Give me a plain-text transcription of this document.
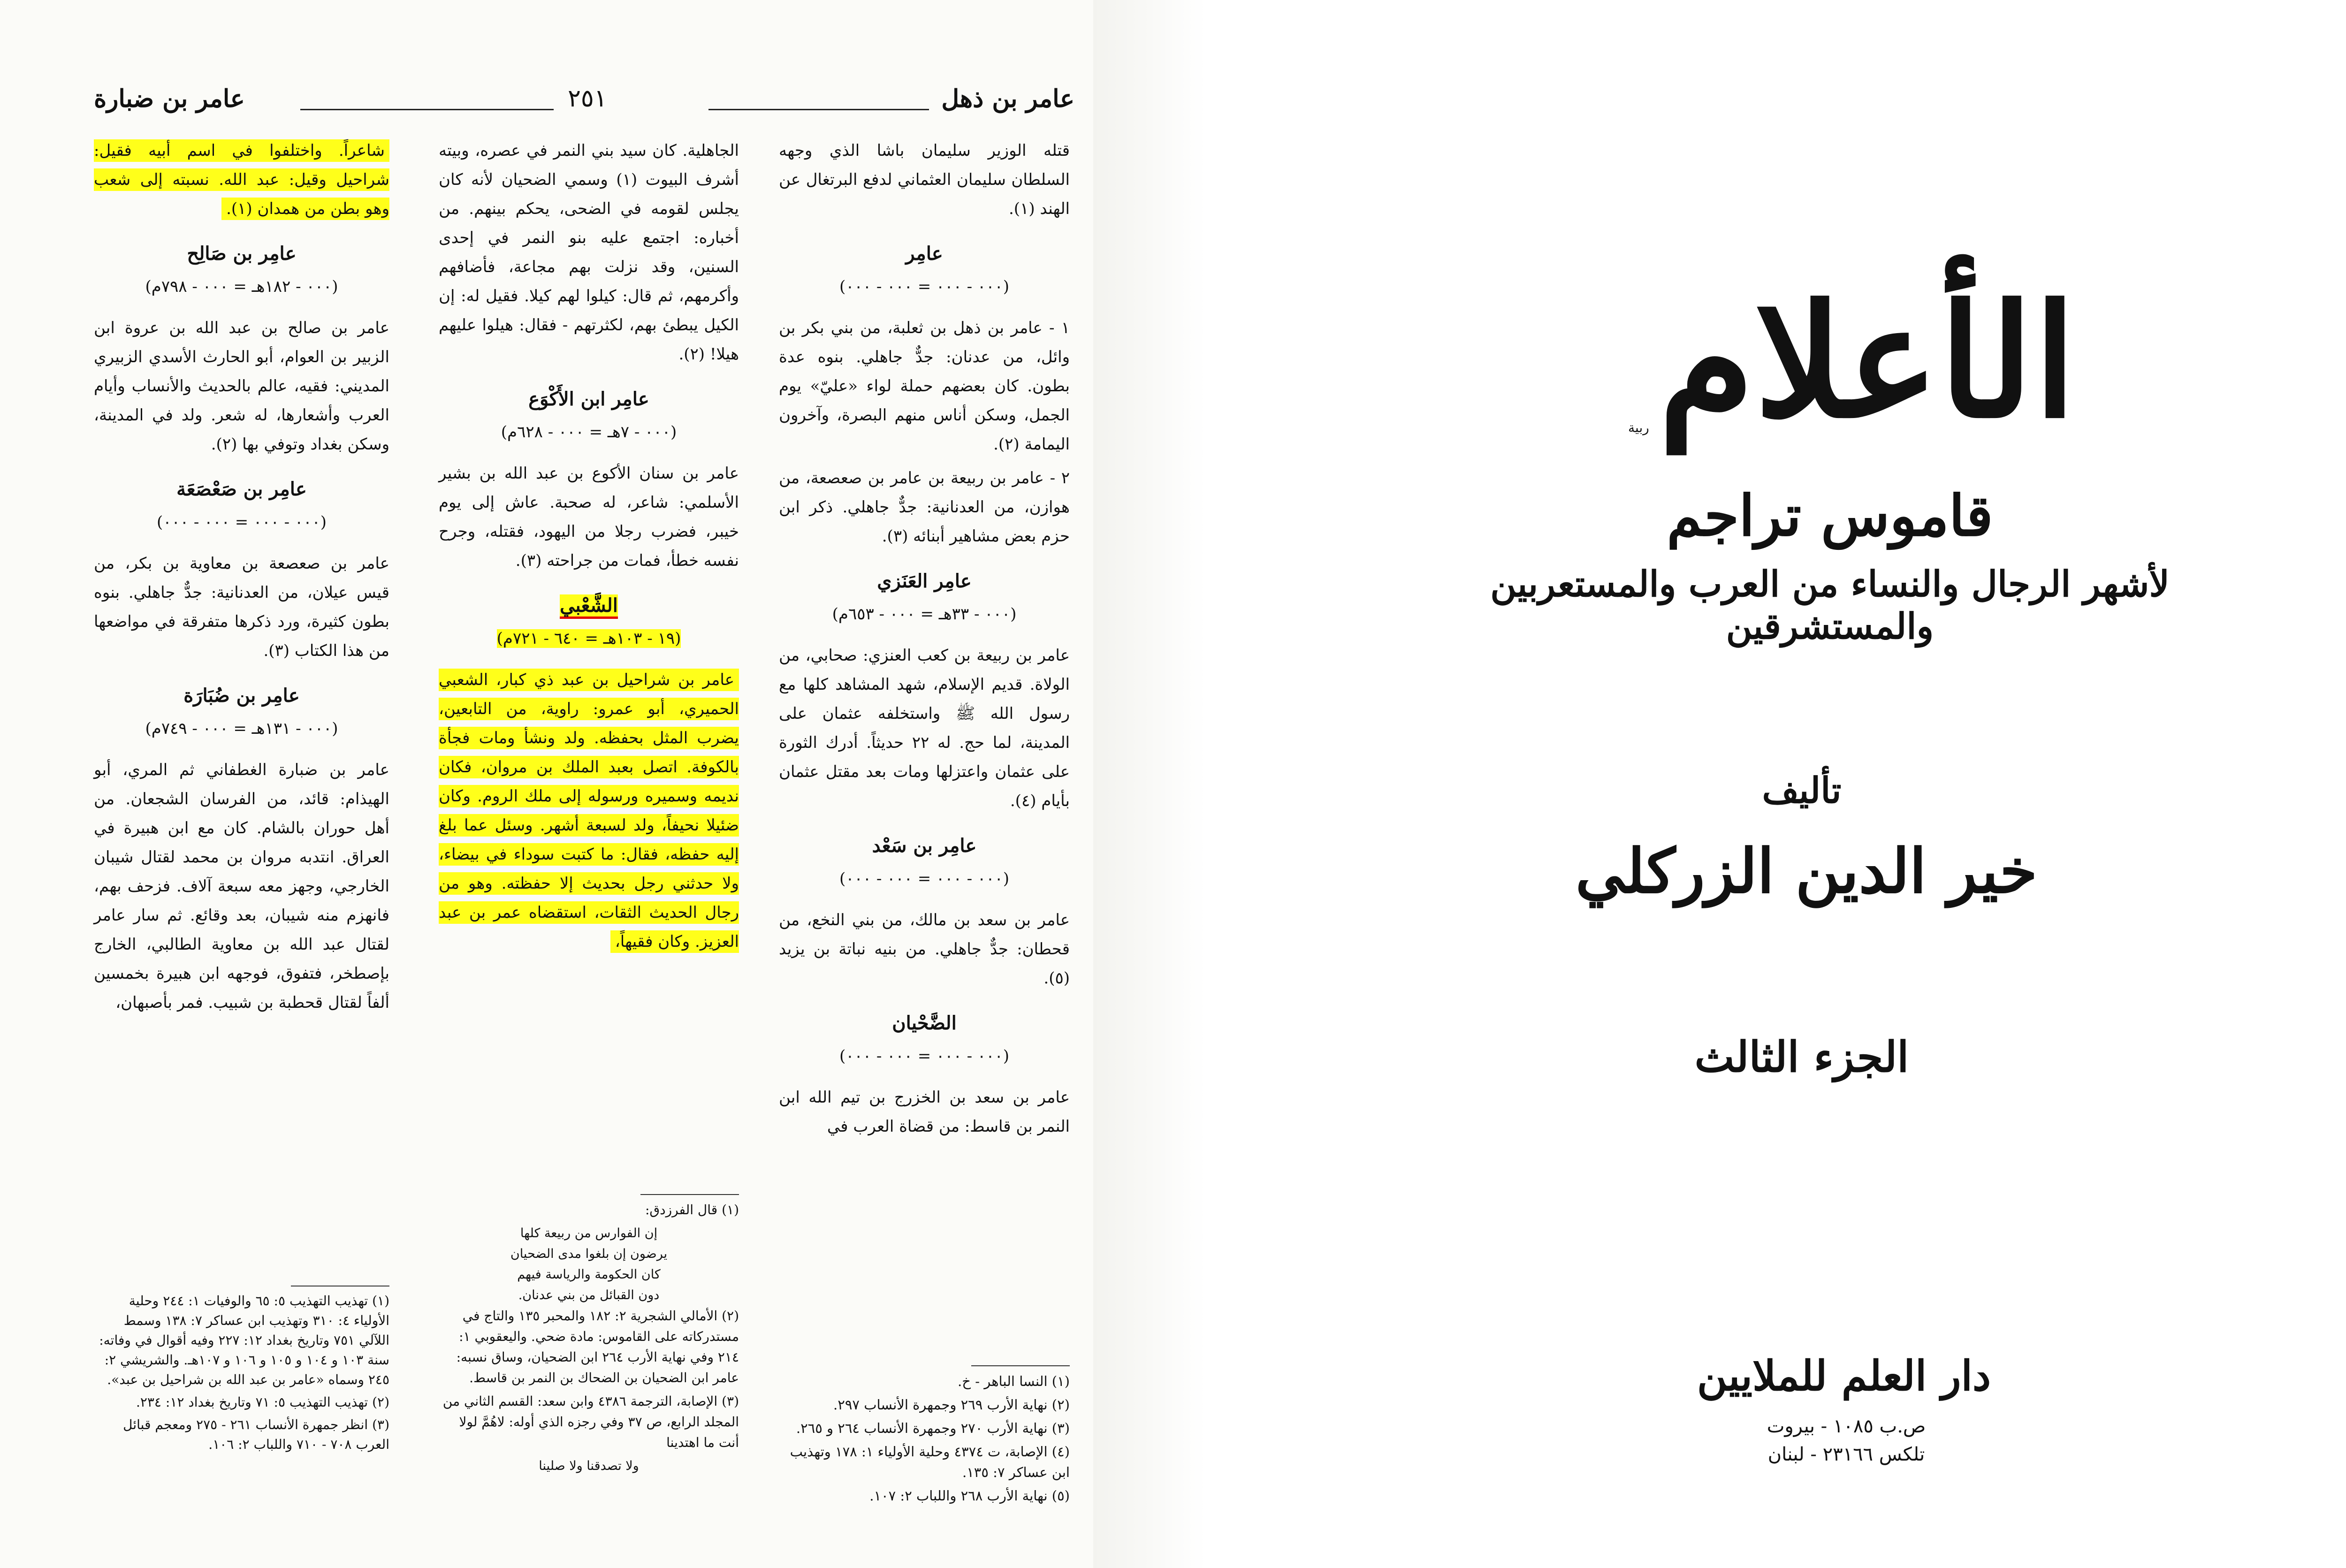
عامر بن ذهل
٢٥١
عامر بن ضبارة

قتله الوزير سليمان باشا الذي وجهه السلطان سليمان العثماني لدفع البرتغال عن الهند (١).

عامِر
(٠٠٠ - ٠٠٠ = ٠٠٠ - ٠٠٠)

١ - عامر بن ذهل بن ثعلبة، من بني بكر بن وائل، من عدنان: جدٌّ جاهلي. بنوه عدة بطون. كان بعضهم حملة لواء «عليّ» يوم الجمل، وسكن أناس منهم البصرة، وآخرون اليمامة (٢).

٢ - عامر بن ربيعة بن عامر بن صعصعة، من هوازن، من العدنانية: جدٌّ جاهلي. ذكر ابن حزم بعض مشاهير أبنائه (٣).

عامِر العَنَزي
(٠٠٠ - ٣٣هـ = ٠٠٠ - ٦٥٣م)

عامر بن ربيعة بن كعب العنزي: صحابي، من الولاة. قديم الإسلام، شهد المشاهد كلها مع رسول الله ﷺ واستخلفه عثمان على المدينة، لما حج. له ٢٢ حديثاً. أدرك الثورة على عثمان واعتزلها ومات بعد مقتل عثمان بأيام (٤).

عامِر بن سَعْد
(٠٠٠ - ٠٠٠ = ٠٠٠ - ٠٠٠)

عامر بن سعد بن مالك، من بني النخع، من قحطان: جدٌّ جاهلي. من بنيه نباتة بن يزيد (٥).

الضَّحْيان
(٠٠٠ - ٠٠٠ = ٠٠٠ - ٠٠٠)

عامر بن سعد بن الخزرج بن تيم الله ابن النمر بن قاسط: من قضاة العرب في

(١) النسا الباهر - خ.
(٢) نهاية الأرب ٢٦٩ وجمهرة الأنساب ٢٩٧.
(٣) نهاية الأرب ٢٧٠ وجمهرة الأنساب ٢٦٤ و ٢٦٥.
(٤) الإصابة، ت ٤٣٧٤ وحلية الأولياء ١: ١٧٨ وتهذيب ابن عساكر ٧: ١٣٥.
(٥) نهاية الأرب ٢٦٨ واللباب ٢: ١٠٧.

الجاهلية. كان سيد بني النمر في عصره، وبيته أشرف البيوت (١) وسمي الضحيان لأنه كان يجلس لقومه في الضحى، يحكم بينهم. من أخباره: اجتمع عليه بنو النمر في إحدى السنين، وقد نزلت بهم مجاعة، فأضافهم وأكرمهم، ثم قال: كيلوا لهم كيلا. فقيل له: إن الكيل يبطئ بهم، لكثرتهم - فقال: هيلوا عليهم هيلا! (٢).

عامِر ابن الأَكْوَع
(٠٠٠ - ٧هـ = ٠٠٠ - ٦٢٨م)

عامر بن سنان الأكوع بن عبد الله بن بشير الأسلمي: شاعر، له صحبة. عاش إلى يوم خيبر، فضرب رجلا من اليهود، فقتله، وجرح نفسه خطأ، فمات من جراحته (٣).

الشَّعْبي
(١٩ - ١٠٣هـ = ٦٤٠ - ٧٢١م)

عامر بن شراحيل بن عبد ذي كبار، الشعبي الحميري، أبو عمرو: راوية، من التابعين، يضرب المثل بحفظه. ولد ونشأ ومات فجأة بالكوفة. اتصل بعبد الملك بن مروان، فكان نديمه وسميره ورسوله إلى ملك الروم. وكان ضئيلا نحيفاً، ولد لسبعة أشهر. وسئل عما بلغ إليه حفظه، فقال: ما كتبت سوداء في بيضاء، ولا حدثني رجل بحديث إلا حفظته. وهو من رجال الحديث الثقات، استقضاه عمر بن عبد العزيز. وكان فقيهاً،

(١) قال الفرزدق:
إن الفوارس من ربيعة كلها
يرضون إن بلغوا مدى الضحيان
كان الحكومة والرياسة فيهم
دون القبائل من بني عدنان.
(٢) الأمالي الشجرية ٢: ١٨٢ والمحبر ١٣٥ والتاج في مستدركاته على القاموس: مادة ضحي. واليعقوبي ١: ٢١٤ وفي نهاية الأرب ٢٦٤ ابن الضحيان، وساق نسبه: عامر ابن الضحيان بن الضحاك بن النمر بن قاسط.
(٣) الإصابة، الترجمة ٤٣٨٦ وابن سعد: القسم الثاني من المجلد الرابع، ص ٣٧ وفي رجزه الذي أوله: لاهُمَّ لولا أنت ما اهتدينا
ولا تصدقنا ولا صلينا

شاعراً. واختلفوا في اسم أبيه فقيل: شراحيل وقيل: عبد الله. نسبته إلى شعب وهو بطن من همدان (١).

عامِر بن صَالِح
(٠٠٠ - ١٨٢هـ = ٠٠٠ - ٧٩٨م)

عامر بن صالح بن عبد الله بن عروة ابن الزبير بن العوام، أبو الحارث الأسدي الزبيري المديني: فقيه، عالم بالحديث والأنساب وأيام العرب وأشعارها، له شعر. ولد في المدينة، وسكن بغداد وتوفي بها (٢).

عامِر بن صَعْصَعَة
(٠٠٠ - ٠٠٠ = ٠٠٠ - ٠٠٠)

عامر بن صعصعة بن معاوية بن بكر، من قيس عيلان، من العدنانية: جدٌّ جاهلي. بنوه بطون كثيرة، ورد ذكرها متفرقة في مواضعها من هذا الكتاب (٣).

عامِر بن ضُبَارَة
(٠٠٠ - ١٣١هـ = ٠٠٠ - ٧٤٩م)

عامر بن ضبارة الغطفاني ثم المري، أبو الهيذام: قائد، من الفرسان الشجعان. من أهل حوران بالشام. كان مع ابن هبيرة في العراق. انتدبه مروان بن محمد لقتال شيبان الخارجي، وجهز معه سبعة آلاف. فزحف بهم، فانهزم منه شيبان، بعد وقائع. ثم سار عامر لقتال عبد الله بن معاوية الطالبي، الخارج بإصطخر، فتفوق، فوجهه ابن هبيرة بخمسين ألفاً لقتال قحطبة بن شبيب. فمر بأصبهان،

(١) تهذيب التهذيب ٥: ٦٥ والوفيات ١: ٢٤٤ وحلية الأولياء ٤: ٣١٠ وتهذيب ابن عساكر ٧: ١٣٨ وسمط اللآلي ٧٥١ وتاريخ بغداد ١٢: ٢٢٧ وفيه أقوال في وفاته: سنة ١٠٣ و ١٠٤ و ١٠٥ و ١٠٦ و ١٠٧هـ. والشريشي ٢: ٢٤٥ وسماه «عامر بن عبد الله بن شراحيل بن عبد».
(٢) تهذيب التهذيب ٥: ٧١ وتاريخ بغداد ١٢: ٢٣٤.
(٣) انظر جمهرة الأنساب ٢٦١ - ٢٧٥ ومعجم قبائل العرب ٧٠٨ - ٧١٠ واللباب ٢: ١٠٦.
الأعلام
ربية
قاموس تراجم
لأشهر الرجال والنساء من العرب والمستعربين والمستشرقين
تأليف
خير الدين الزركلي
الجزء الثالث
دار العلم للملايين
ص.ب ١٠٨٥ - بيروت
تلكس ٢٣١٦٦ - لبنان
